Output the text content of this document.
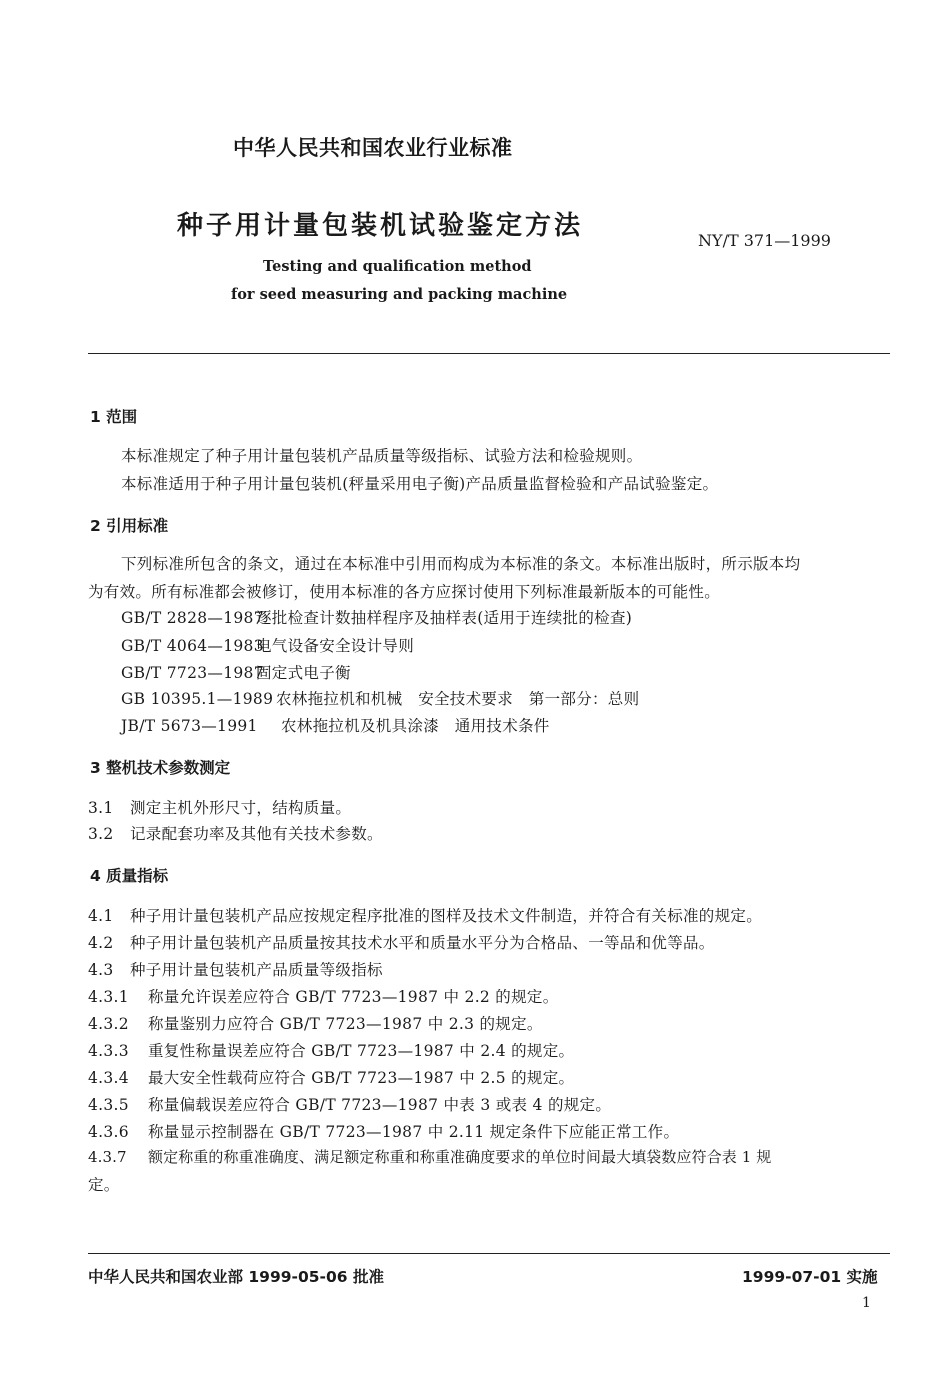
中华人民共和国农业行业标准
种子用计量包装机试验鉴定方法	NY/T 371—1999
Testing and qualification method
for seed measuring and packing machine
1 范围
本标准规定了种子用计量包装机产品质量等级指标、试验方法和检验规则。
本标准适用于种子用计量包装机(秤量采用电子衡)产品质量监督检验和产品试验鉴定。
2 引用标准
下列标准所包含的条文，通过在本标准中引用而构成为本标准的条文。本标准出版时，所示版本均
为有效。所有标准都会被修订，使用本标准的各方应探讨使用下列标准最新版本的可能性。
GB/T 2828—1987逐批检查计数抽样程序及抽样表(适用于连续批的检查)
GB/T 4064—1983电气设备安全设计导则
GB/T 7723—1987固定式电子衡
GB 10395.1—1989 农林拖拉机和机械　安全技术要求　第一部分：总则
JB/T 5673—1991 农林拖拉机及机具涂漆　通用技术条件
3 整机技术参数测定
3.1 测定主机外形尺寸，结构质量。
3.2 记录配套功率及其他有关技术参数。
4 质量指标
4.1 种子用计量包装机产品应按规定程序批准的图样及技术文件制造，并符合有关标准的规定。
4.2 种子用计量包装机产品质量按其技术水平和质量水平分为合格品、一等品和优等品。
4.3 种子用计量包装机产品质量等级指标
4.3.1 称量允许误差应符合 GB/T 7723—1987 中 2.2 的规定。
4.3.2 称量鉴别力应符合 GB/T 7723—1987 中 2.3 的规定。
4.3.3 重复性称量误差应符合 GB/T 7723—1987 中 2.4 的规定。
4.3.4 最大安全性载荷应符合 GB/T 7723—1987 中 2.5 的规定。
4.3.5 称量偏载误差应符合 GB/T 7723—1987 中表 3 或表 4 的规定。
4.3.6 称量显示控制器在 GB/T 7723—1987 中 2.11 规定条件下应能正常工作。
4.3.7 额定称重的称重准确度、满足额定称重和称重准确度要求的单位时间最大填袋数应符合表 1 规
定。
中华人民共和国农业部 1999-05-06 批准	1999-07-01 实施
1
